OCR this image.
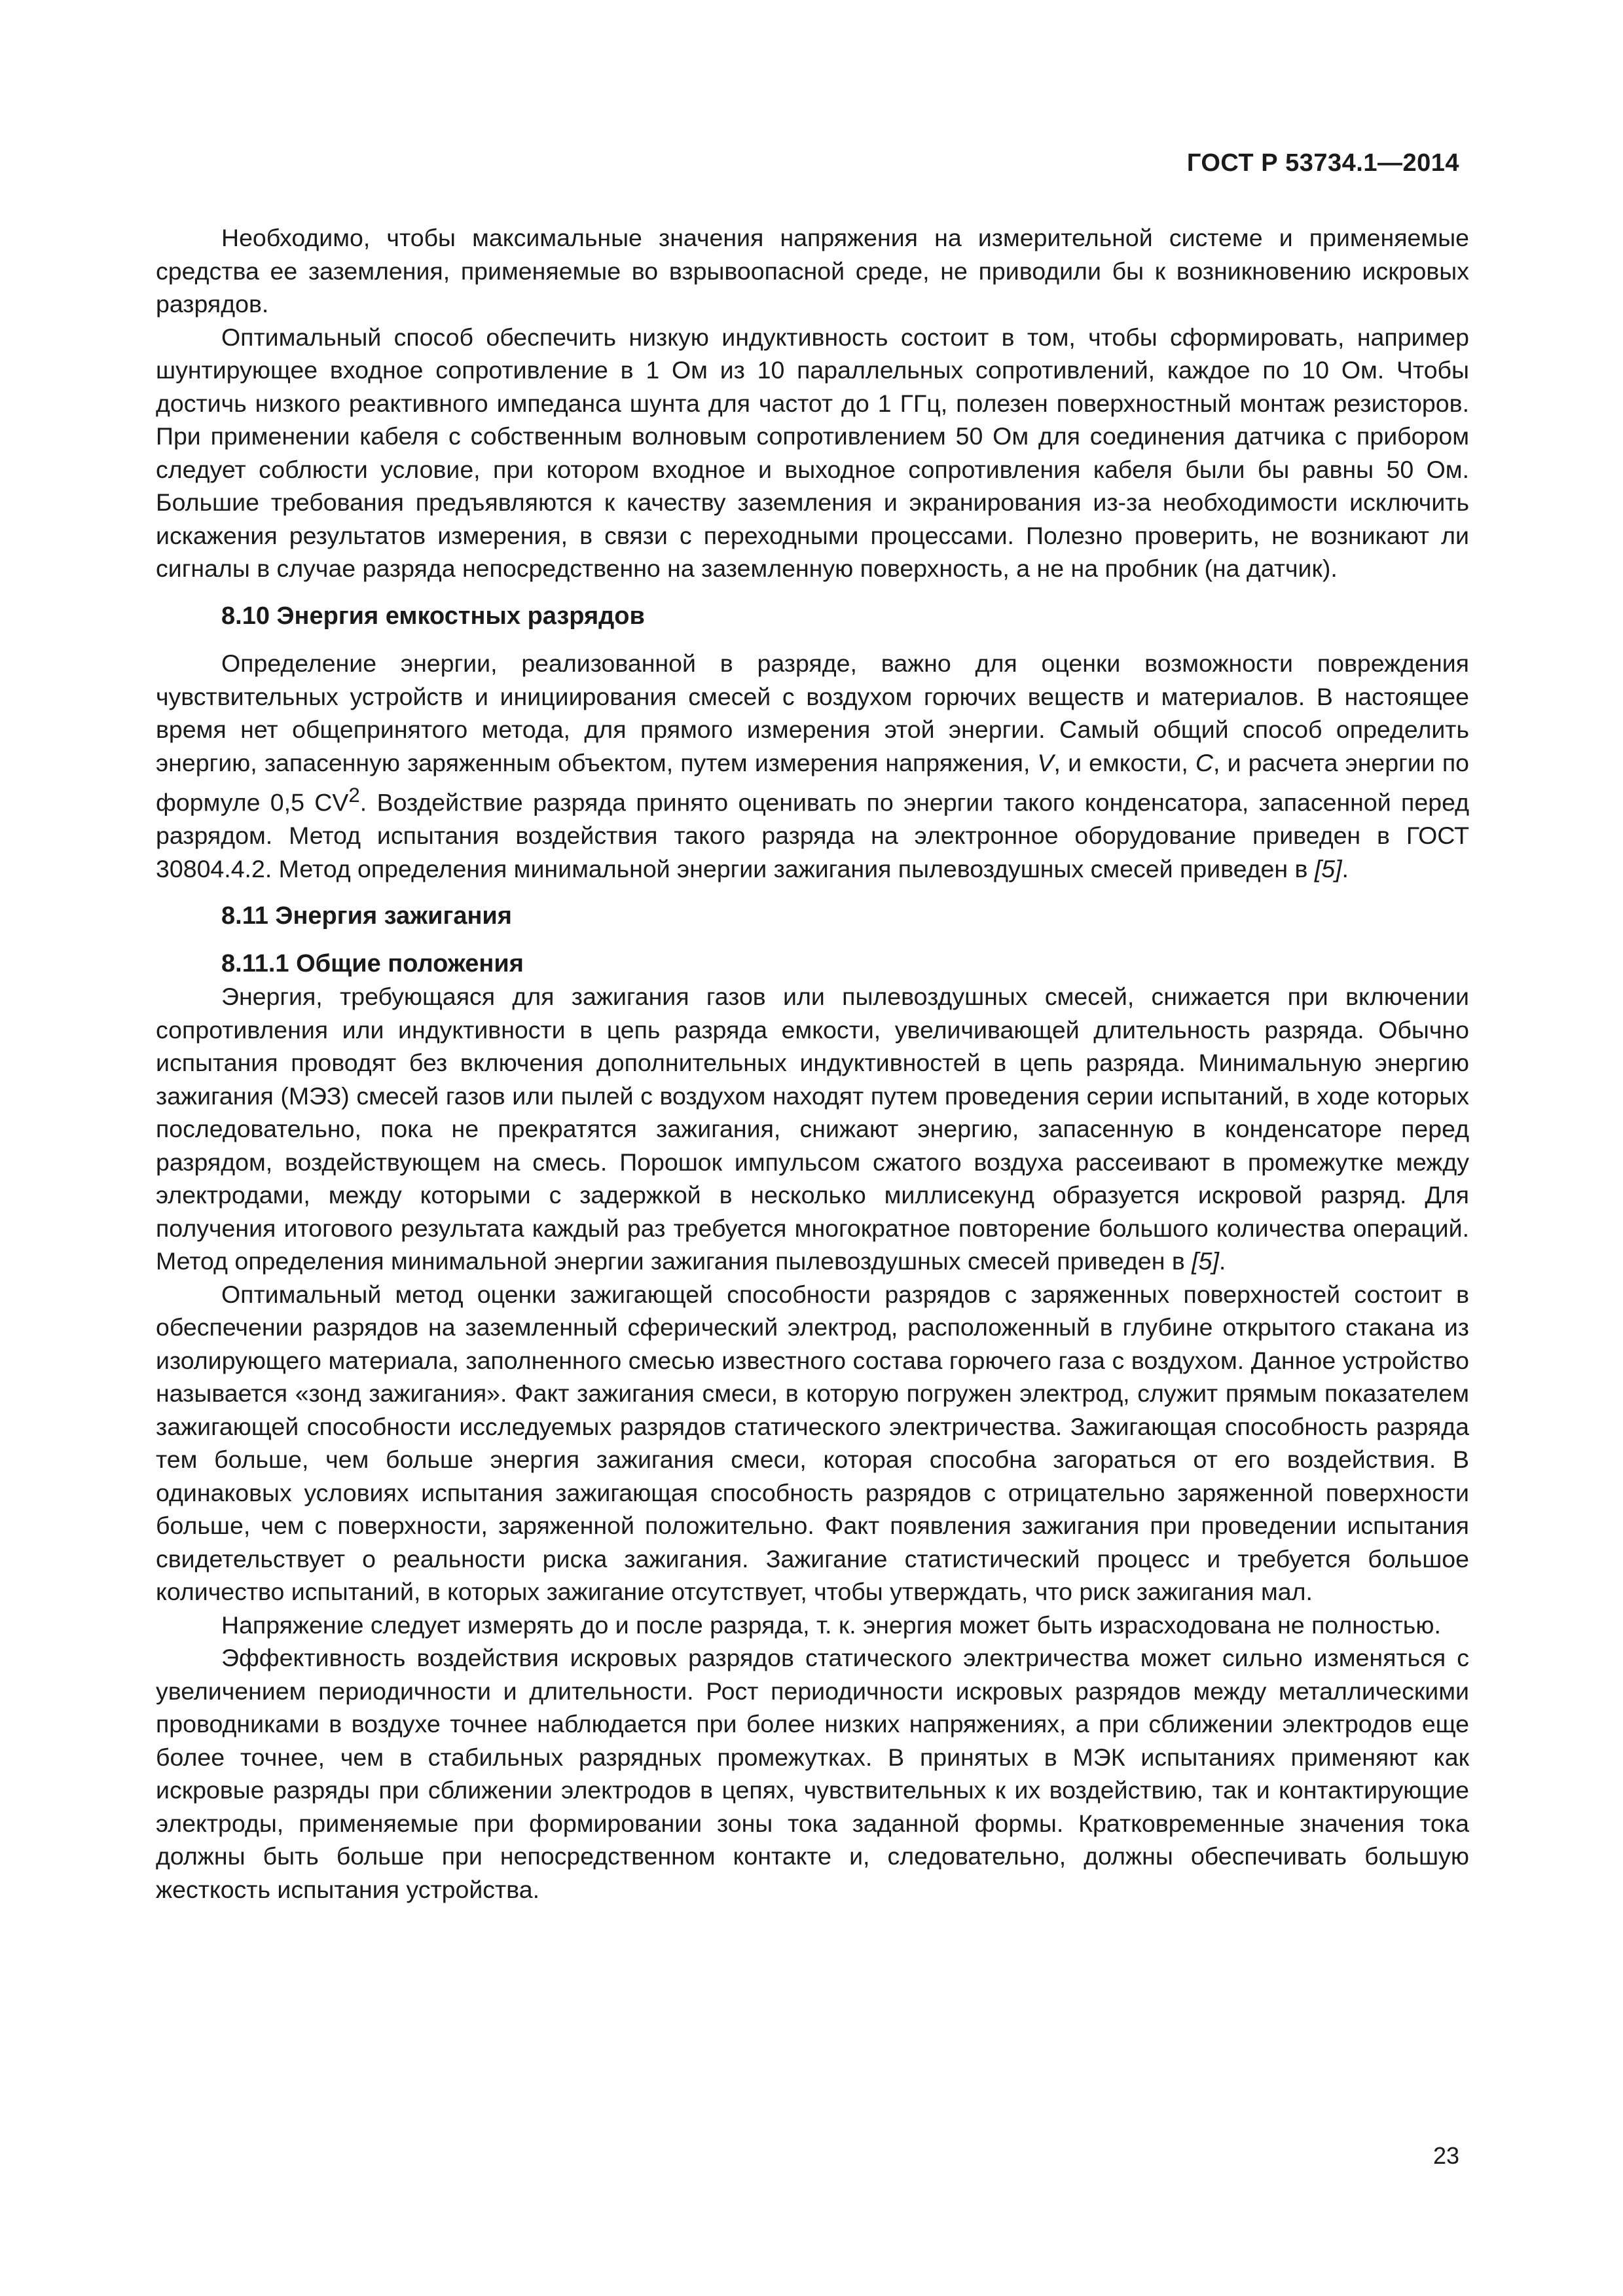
ГОСТ Р 53734.1—2014

Необходимо, чтобы максимальные значения напряжения на измерительной системе и применяемые средства ее заземления, применяемые во взрывоопасной среде, не приводили бы к возникновению искровых разрядов.

Оптимальный способ обеспечить низкую индуктивность состоит в том, чтобы сформировать, например шунтирующее входное сопротивление в 1 Ом из 10 параллельных сопротивлений, каждое по 10 Ом. Чтобы достичь низкого реактивного импеданса шунта для частот до 1 ГГц, полезен поверхностный монтаж резисторов. При применении кабеля с собственным волновым сопротивлением 50 Ом для соединения датчика с прибором следует соблюсти условие, при котором входное и выходное сопротивления кабеля были бы равны 50 Ом. Большие требования предъявляются к качеству заземления и экранирования из-за необходимости исключить искажения результатов измерения, в связи с переходными процессами. Полезно проверить, не возникают ли сигналы в случае разряда непосредственно на заземленную поверхность, а не на пробник (на датчик).

8.10 Энергия емкостных разрядов

Определение энергии, реализованной в разряде, важно для оценки возможности повреждения чувствительных устройств и инициирования смесей с воздухом горючих веществ и материалов. В настоящее время нет общепринятого метода, для прямого измерения этой энергии. Самый общий способ определить энергию, запасенную заряженным объектом, путем измерения напряжения, V, и емкости, C, и расчета энергии по формуле 0,5 $CV^2$. Воздействие разряда принято оценивать по энергии такого конденсатора, запасенной перед разрядом. Метод испытания воздействия такого разряда на электронное оборудование приведен в ГОСТ 30804.4.2. Метод определения минимальной энергии зажигания пылевоздушных смесей приведен в [5].

8.11 Энергия зажигания
8.11.1 Общие положения

Энергия, требующаяся для зажигания газов или пылевоздушных смесей, снижается при включении сопротивления или индуктивности в цепь разряда емкости, увеличивающей длительность разряда. Обычно испытания проводят без включения дополнительных индуктивностей в цепь разряда. Минимальную энергию зажигания (МЭЗ) смесей газов или пылей с воздухом находят путем проведения серии испытаний, в ходе которых последовательно, пока не прекратятся зажигания, снижают энергию, запасенную в конденсаторе перед разрядом, воздействующем на смесь. Порошок импульсом сжатого воздуха рассеивают в промежутке между электродами, между которыми с задержкой в несколько миллисекунд образуется искровой разряд. Для получения итогового результата каждый раз требуется многократное повторение большого количества операций. Метод определения минимальной энергии зажигания пылевоздушных смесей приведен в [5].

Оптимальный метод оценки зажигающей способности разрядов с заряженных поверхностей состоит в обеспечении разрядов на заземленный сферический электрод, расположенный в глубине открытого стакана из изолирующего материала, заполненного смесью известного состава горючего газа с воздухом. Данное устройство называется «зонд зажигания». Факт зажигания смеси, в которую погружен электрод, служит прямым показателем зажигающей способности исследуемых разрядов статического электричества. Зажигающая способность разряда тем больше, чем больше энергия зажигания смеси, которая способна загораться от его воздействия. В одинаковых условиях испытания зажигающая способность разрядов с отрицательно заряженной поверхности больше, чем с поверхности, заряженной положительно. Факт появления зажигания при проведении испытания свидетельствует о реальности риска зажигания. Зажигание статистический процесс и требуется большое количество испытаний, в которых зажигание отсутствует, чтобы утверждать, что риск зажигания мал.

Напряжение следует измерять до и после разряда, т. к. энергия может быть израсходована не полностью.

Эффективность воздействия искровых разрядов статического электричества может сильно изменяться с увеличением периодичности и длительности. Рост периодичности искровых разрядов между металлическими проводниками в воздухе точнее наблюдается при более низких напряжениях, а при сближении электродов еще более точнее, чем в стабильных разрядных промежутках. В принятых в МЭК испытаниях применяют как искровые разряды при сближении электродов в цепях, чувствительных к их воздействию, так и контактирующие электроды, применяемые при формировании зоны тока заданной формы. Кратковременные значения тока должны быть больше при непосредственном контакте и, следовательно, должны обеспечивать большую жесткость испытания устройства.

23
